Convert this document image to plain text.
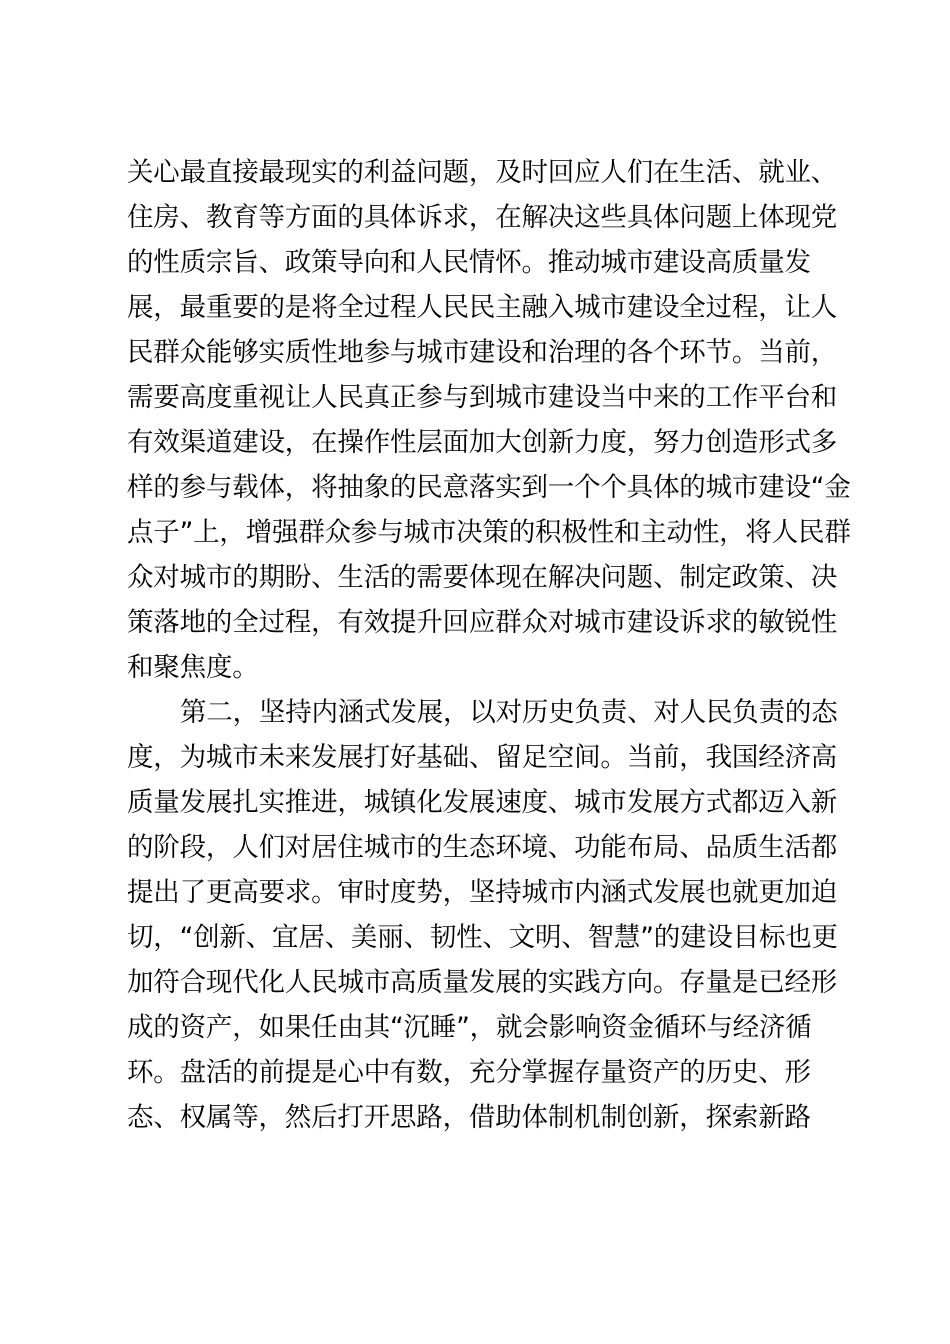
关心最直接最现实的利益问题，及时回应人们在生活、就业、
住房、教育等方面的具体诉求，在解决这些具体问题上体现党
的性质宗旨、政策导向和人民情怀。推动城市建设高质量发
展，最重要的是将全过程人民民主融入城市建设全过程，让人
民群众能够实质性地参与城市建设和治理的各个环节。当前，
需要高度重视让人民真正参与到城市建设当中来的工作平台和
有效渠道建设，在操作性层面加大创新力度，努力创造形式多
样的参与载体，将抽象的民意落实到一个个具体的城市建设“金
点子”上，增强群众参与城市决策的积极性和主动性，将人民群
众对城市的期盼、生活的需要体现在解决问题、制定政策、决
策落地的全过程，有效提升回应群众对城市建设诉求的敏锐性
和聚焦度。
第二，坚持内涵式发展，以对历史负责、对人民负责的态
度，为城市未来发展打好基础、留足空间。当前，我国经济高
质量发展扎实推进，城镇化发展速度、城市发展方式都迈入新
的阶段，人们对居住城市的生态环境、功能布局、品质生活都
提出了更高要求。审时度势，坚持城市内涵式发展也就更加迫
切，“创新、宜居、美丽、韧性、文明、智慧”的建设目标也更
加符合现代化人民城市高质量发展的实践方向。存量是已经形
成的资产，如果任由其“沉睡”，就会影响资金循环与经济循
环。盘活的前提是心中有数，充分掌握存量资产的历史、形
态、权属等，然后打开思路，借助体制机制创新，探索新路
